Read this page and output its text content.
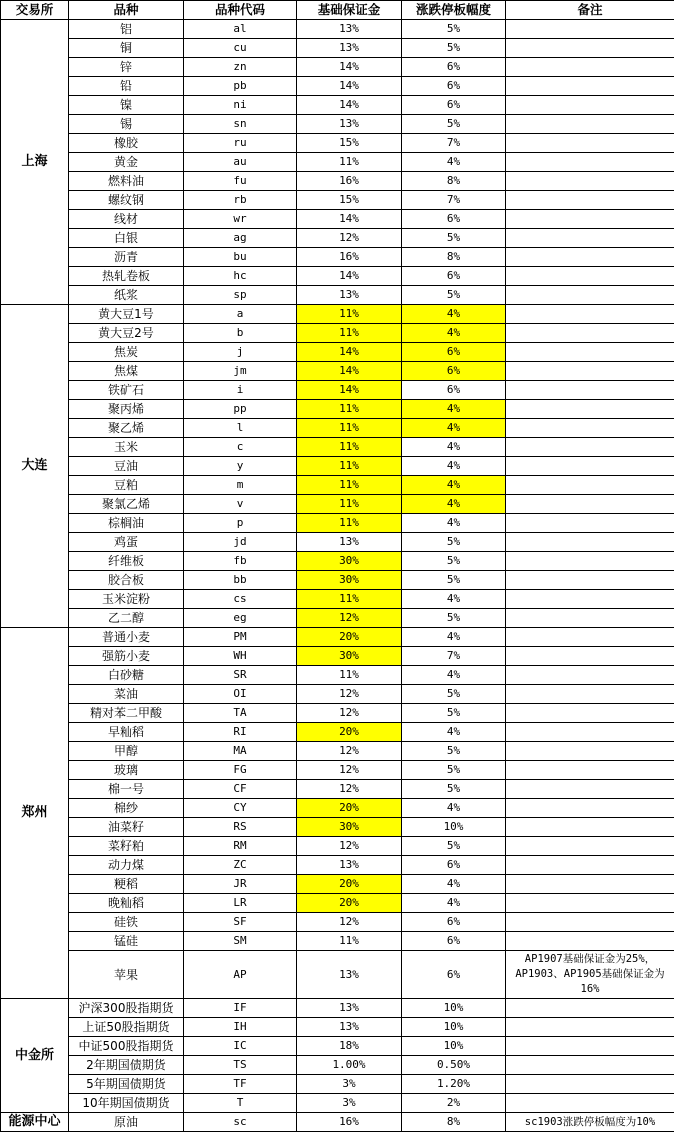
交易所	品种	品种代码	基础保证金	涨跌停板幅度	备注
上海	铝	al	13%	5%	
	铜	cu	13%	5%	
	锌	zn	14%	6%	
	铅	pb	14%	6%	
	镍	ni	14%	6%	
	锡	sn	13%	5%	
	橡胶	ru	15%	7%	
	黄金	au	11%	4%	
	燃料油	fu	16%	8%	
	螺纹钢	rb	15%	7%	
	线材	wr	14%	6%	
	白银	ag	12%	5%	
	沥青	bu	16%	8%	
	热轧卷板	hc	14%	6%	
	纸浆	sp	13%	5%	
大连	黄大豆1号	a	11%	4%	
	黄大豆2号	b	11%	4%	
	焦炭	j	14%	6%	
	焦煤	jm	14%	6%	
	铁矿石	i	14%	6%	
	聚丙烯	pp	11%	4%	
	聚乙烯	l	11%	4%	
	玉米	c	11%	4%	
	豆油	y	11%	4%	
	豆粕	m	11%	4%	
	聚氯乙烯	v	11%	4%	
	棕榈油	p	11%	4%	
	鸡蛋	jd	13%	5%	
	纤维板	fb	30%	5%	
	胶合板	bb	30%	5%	
	玉米淀粉	cs	11%	4%	
	乙二醇	eg	12%	5%	
郑州	普通小麦	PM	20%	4%	
	强筋小麦	WH	30%	7%	
	白砂糖	SR	11%	4%	
	菜油	OI	12%	5%	
	精对苯二甲酸	TA	12%	5%	
	早籼稻	RI	20%	4%	
	甲醇	MA	12%	5%	
	玻璃	FG	12%	5%	
	棉一号	CF	12%	5%	
	棉纱	CY	20%	4%	
	油菜籽	RS	30%	10%	
	菜籽粕	RM	12%	5%	
	动力煤	ZC	13%	6%	
	粳稻	JR	20%	4%	
	晚籼稻	LR	20%	4%	
	硅铁	SF	12%	6%	
	锰硅	SM	11%	6%	
	苹果	AP	13%	6%	AP1907基础保证金为25%，AP1903、AP1905基础保证金为16%
中金所	沪深300股指期货	IF	13%	10%	
	上证50股指期货	IH	13%	10%	
	中证500股指期货	IC	18%	10%	
	2年期国债期货	TS	1.00%	0.50%	
	5年期国债期货	TF	3%	1.20%	
	10年期国债期货	T	3%	2%	
能源中心	原油	sc	16%	8%	sc1903涨跌停板幅度为10%
